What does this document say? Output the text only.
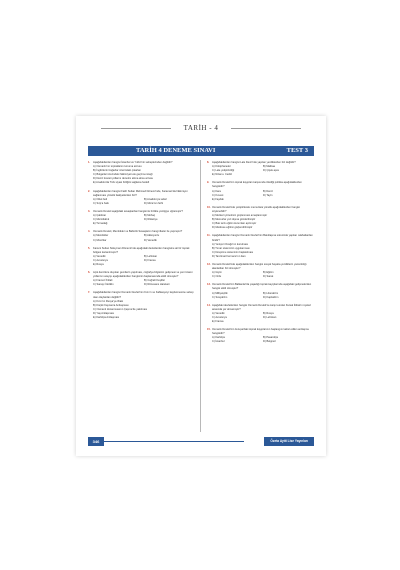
TARİH - 4
TARİH 4 DENEME SINAVI	TEST 3
1.	Aşağıdakilerden hangisi İstanbul ve Yıldız'nin sebeplerinden değildir?
A) Osmanlı'nın topraklarını koruma arzusu
B) İngilizlerin boğazlar üzerindeki çıkarları
C) Bulgarlar üzerindeki hâkimiyeti ele geçirme isteği
D) Deniz ticareti yollarını denetim altına alma arzusu
E) Anadolu'da Türk siyasi birliğini sağlama hedefi
2.	Aşağıdakilerden hangisi Fatih Sultan Mehmed Dönemi'nde, Karaman'da hâkimiyet sağlanması yönelik faaliyetlerden biri?
A) Otluk beli	B) Anadolu'ya seferi
C) Sırp'a hattı	D) Mora'nın fethi
3.	Osmanlı Devleti aşağıdaki savaşlardan hangisi ile birlikte yenilgiye uğramıştır?
A) Çaldıran	B) Mohaç
C) Mercidabık	D) Ridaniye
E) Turnadağ
4.	Osmanlı Devleti, Memlükler ve Babürlü Savaşlarını hangi ilkeler ile yapmıştır?
A) Memlükler	B) Akkoyunlu
C) Mısırlılar	D) Venedik
5.	Kanuni Sultan Süleyman Dönemi'nde aşağıdaki devletlerden hangisine ait bir toprak bölgesi kazanılmıştır?
A) Venedik	B) Lehistan
C) Avusturya	D) Fransa
E) Rusya
6.	Açık denizlere duyulan gemilerin yapılması, coğrafya bilgisinin gelişmesi ve yeni ticaret yollarının arayışı aşağıdakilerden hangisinin başlamasında etkili olmuştur?
A) Fransız İhtilali	B) Coğrafi Keşifler
C) Sanayi İnkılâbı	D) Rönesans Hareketi
7.	Aşağıdakilerden hangisi Osmanlı Devleti'nin Kırım'ı ve Kafkasya'yı kaybetmesine sebep olan olaylardan değildir?
A) Kırım'ın Rusya'ya ilhakı
B) Küçük Kaynarca Antlaşması
C) Osmanlı donanmasının Çeşme'de yakılması
D) Yaş Antlaşması
E) Karlofça Antlaşması
8.	Aşağıdakilerden hangisi Lale Devri'nde yapılan yeniliklerden biri değildir?
A) Kütüphaneler	B) Matbaa
C) Lale yetiştiriciliği	D) Çiçek aşısı
E) Nizam-ı Cedid
9.	Osmanlı Devleti'nin toprak kayıpları karşısında izlediği politika aşağıdakilerden hangisidir?
A) Kara	B) Deniz
C) Kuvvet	D) Tayin
E) Faydalı
10. Osmanlı Devleti'nde yetiştirilecek memurlara yönelik aşağıdakilerden hangisi söylenebilir?
A) Merkezi yönetimin güçlenmesi amaçlanmıştır
B) Memurlar yurt dışına gönderilmiştir
C) Batı tarzı eğitim kurumları açılmıştır
D) Medrese eğitimi güçlendirilmiştir
11. Aşağıdakilerden hangisi Osmanlı Devleti'nin Batılılaşma sürecinde yapılan ıslahatlardan biridir?
A) Yeniçeri Ocağı'nın kurulması
B) Tımar sisteminin uygulanması
C) Devşirme sisteminin başlatılması
D) Tanzimat Fermanı'nın ilanı
12. Osmanlı Devleti'nde aşağıdakilerden hangisi sosyal hayatta yeniliklerin yansıtıldığı alanlardan biri olmuştur?
A) Giyim	B) Eğitim
C) Ordu	D) Sanat
13. Osmanlı Devleti'nin Balkanlar'da yaşadığı toprak kayıplarında aşağıdaki gelişmelerden hangisi etkili olmuştur?
A) Milliyetçilik	B) Liberalizm
C) Sosyalizm	D) Kapitalizm
14. Aşağıdaki devletlerden hangisi Osmanlı Devleti'ne karşı kurulan Kutsal İttifak'ın üyeleri arasında yer almamıştır?
A) Venedik	B) Rusya
C) Avusturya	D) Lehistan
E) Fransa
15. Osmanlı Devleti'nin Avrupa'daki toprak kayıplarının başlangıcı kabul edilen antlaşma hangisidir?
A) Karlofça	B) Pasarofça
C) İstanbul	D) Belgrad
346	Özeta Aytti Lise Yayınları
